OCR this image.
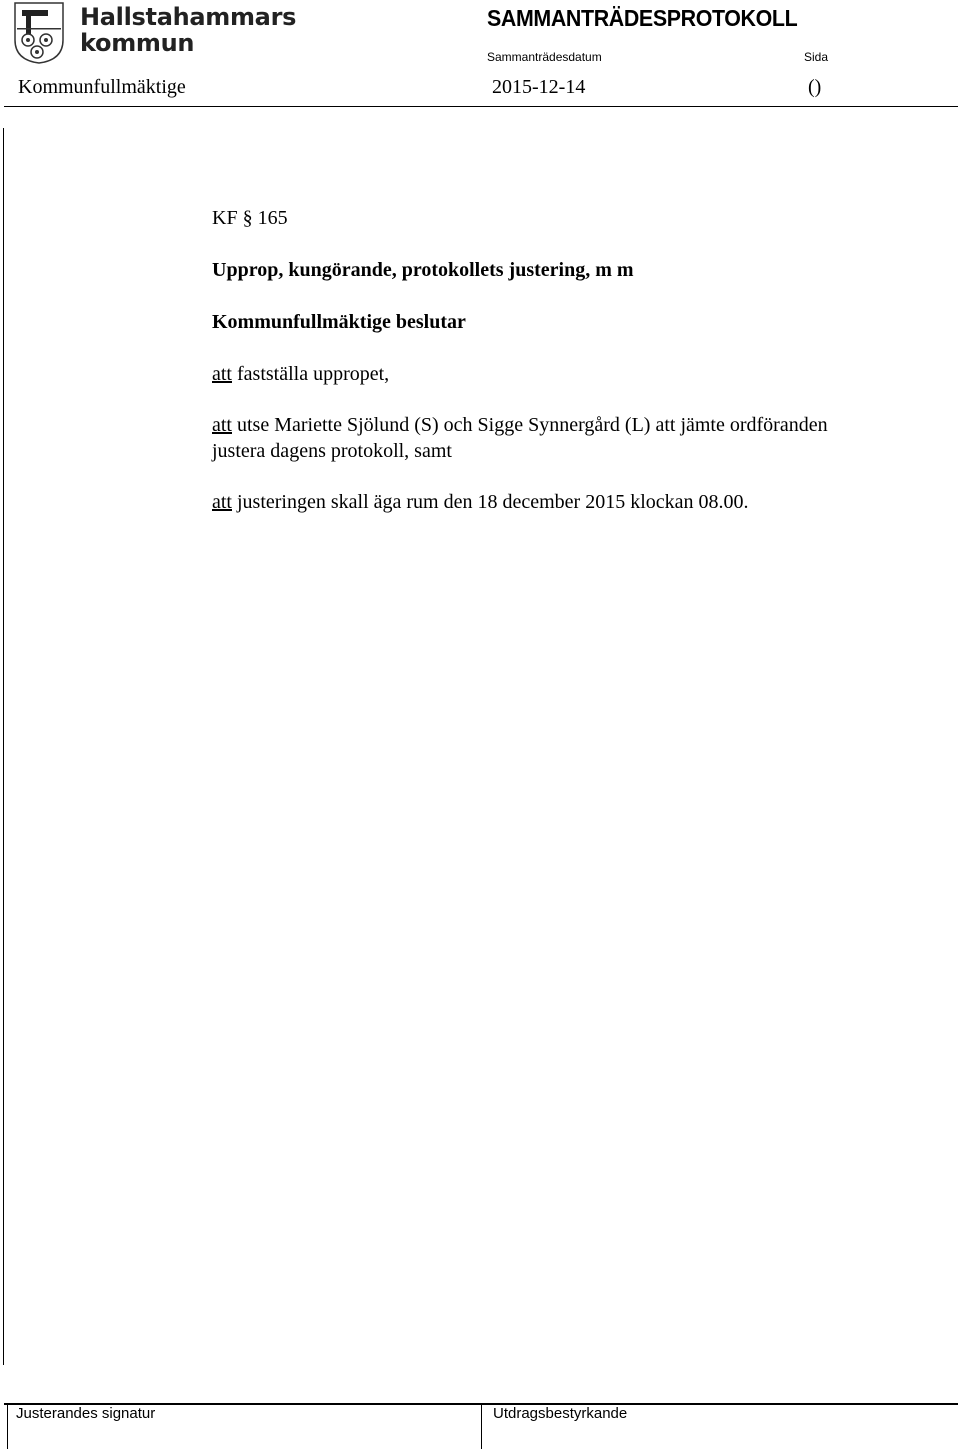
Hallstahammars
kommun
SAMMANTRÄDESPROTOKOLL
Sammanträdesdatum	Sida
Kommunfullmäktige	2015-12-14	()
KF § 165
Upprop, kungörande, protokollets justering, m m
Kommunfullmäktige beslutar
att fastställa uppropet,
att utse Mariette Sjölund (S) och Sigge Synnergård (L) att jämte ordföranden
justera dagens protokoll, samt
att justeringen skall äga rum den 18 december 2015 klockan 08.00.
Justerandes signatur	Utdragsbestyrkande
